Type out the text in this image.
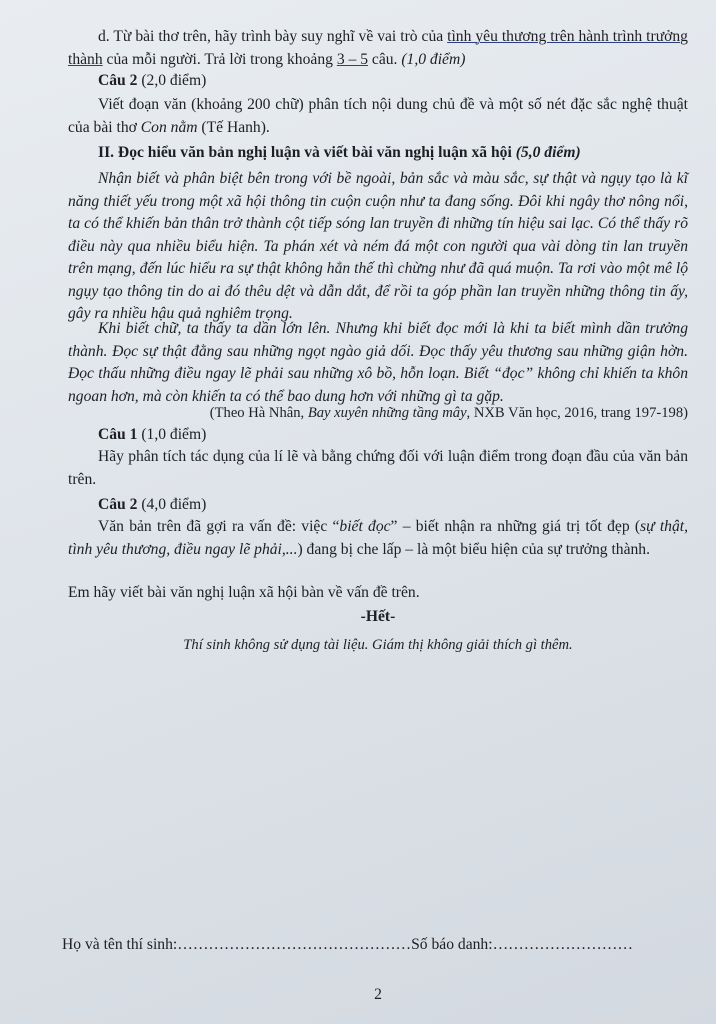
d. Từ bài thơ trên, hãy trình bày suy nghĩ về vai trò của tình yêu thương trên hành trình trưởng thành của mỗi người. Trả lời trong khoảng 3 – 5 câu. (1,0 điểm)
Câu 2 (2,0 điểm)
Viết đoạn văn (khoảng 200 chữ) phân tích nội dung chủ đề và một số nét đặc sắc nghệ thuật của bài thơ Con nằm (Tế Hanh).
II. Đọc hiểu văn bản nghị luận và viết bài văn nghị luận xã hội (5,0 điểm)
Nhận biết và phân biệt bên trong với bề ngoài, bản sắc và màu sắc, sự thật và ngụy tạo là kĩ năng thiết yếu trong một xã hội thông tin cuộn cuộn như ta đang sống. Đôi khi ngây thơ nông nổi, ta có thể khiến bản thân trở thành cột tiếp sóng lan truyền đi những tín hiệu sai lạc. Có thể thấy rõ điều này qua nhiều biểu hiện. Ta phán xét và ném đá một con người qua vài dòng tin lan truyền trên mạng, đến lúc hiểu ra sự thật không hẳn thế thì chừng như đã quá muộn. Ta rơi vào một mê lộ ngụy tạo thông tin do ai đó thêu dệt và dẫn dắt, để rồi ta góp phần lan truyền những thông tin ấy, gây ra nhiều hậu quả nghiêm trọng.
Khi biết chữ, ta thấy ta dần lớn lên. Nhưng khi biết đọc mới là khi ta biết mình dần trưởng thành. Đọc sự thật đằng sau những ngọt ngào giả dối. Đọc thấy yêu thương sau những giận hờn. Đọc thấu những điều ngay lẽ phải sau những xô bồ, hỗn loạn. Biết “đọc” không chỉ khiến ta khôn ngoan hơn, mà còn khiến ta có thể bao dung hơn với những gì ta gặp.
(Theo Hà Nhân, Bay xuyên những tầng mây, NXB Văn học, 2016, trang 197-198)
Câu 1 (1,0 điểm)
Hãy phân tích tác dụng của lí lẽ và bằng chứng đối với luận điểm trong đoạn đầu của văn bản trên.
Câu 2 (4,0 điểm)
Văn bản trên đã gợi ra vấn đề: việc “biết đọc” – biết nhận ra những giá trị tốt đẹp (sự thật, tình yêu thương, điều ngay lẽ phải,...) đang bị che lấp – là một biểu hiện của sự trưởng thành.
Em hãy viết bài văn nghị luận xã hội bàn về vấn đề trên.
-Hết-
Thí sinh không sử dụng tài liệu. Giám thị không giải thích gì thêm.
Họ và tên thí sinh:………………………………………Số báo danh:………………………
2
